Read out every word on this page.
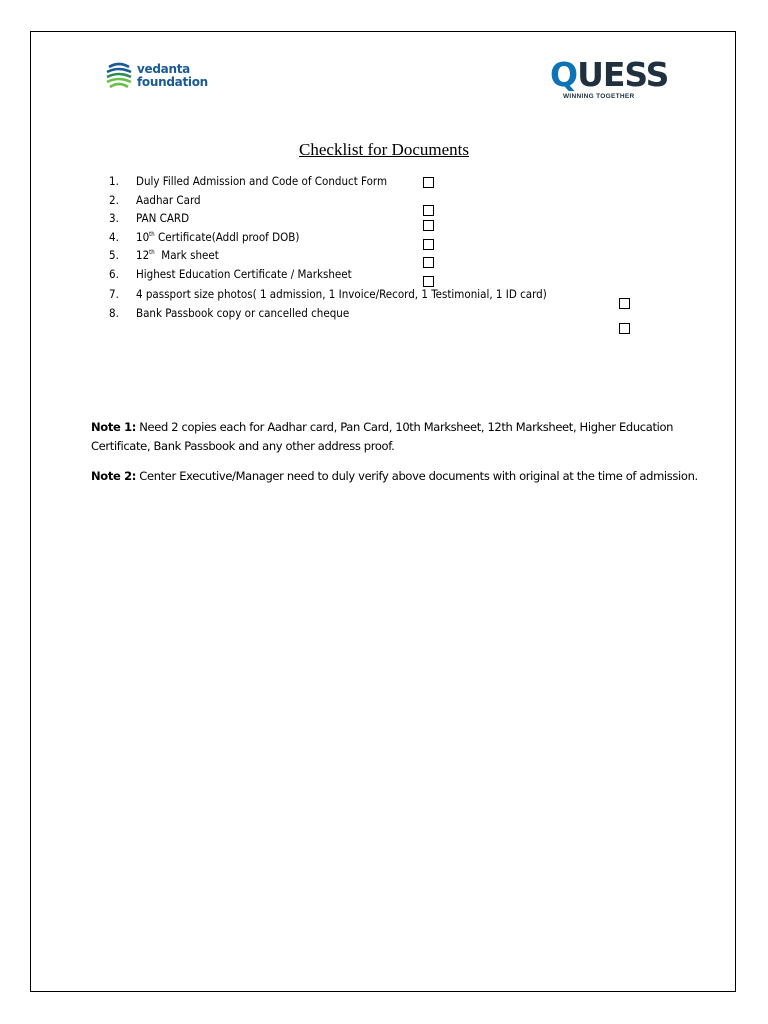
vedanta
foundation	QUESS
WINNING TOGETHER
Checklist for Documents
1. Duly Filled Admission and Code of Conduct Form
2. Aadhar Card
3. PAN CARD
4. 10th Certificate(Addl proof DOB)
5. 12th  Mark sheet
6. Highest Education Certificate / Marksheet
7. 4 passport size photos( 1 admission, 1 Invoice/Record, 1 Testimonial, 1 ID card)
8. Bank Passbook copy or cancelled cheque
Note 1: Need 2 copies each for Aadhar card, Pan Card, 10th Marksheet, 12th Marksheet, Higher Education Certificate, Bank Passbook and any other address proof.
Note 2: Center Executive/Manager need to duly verify above documents with original at the time of admission.
